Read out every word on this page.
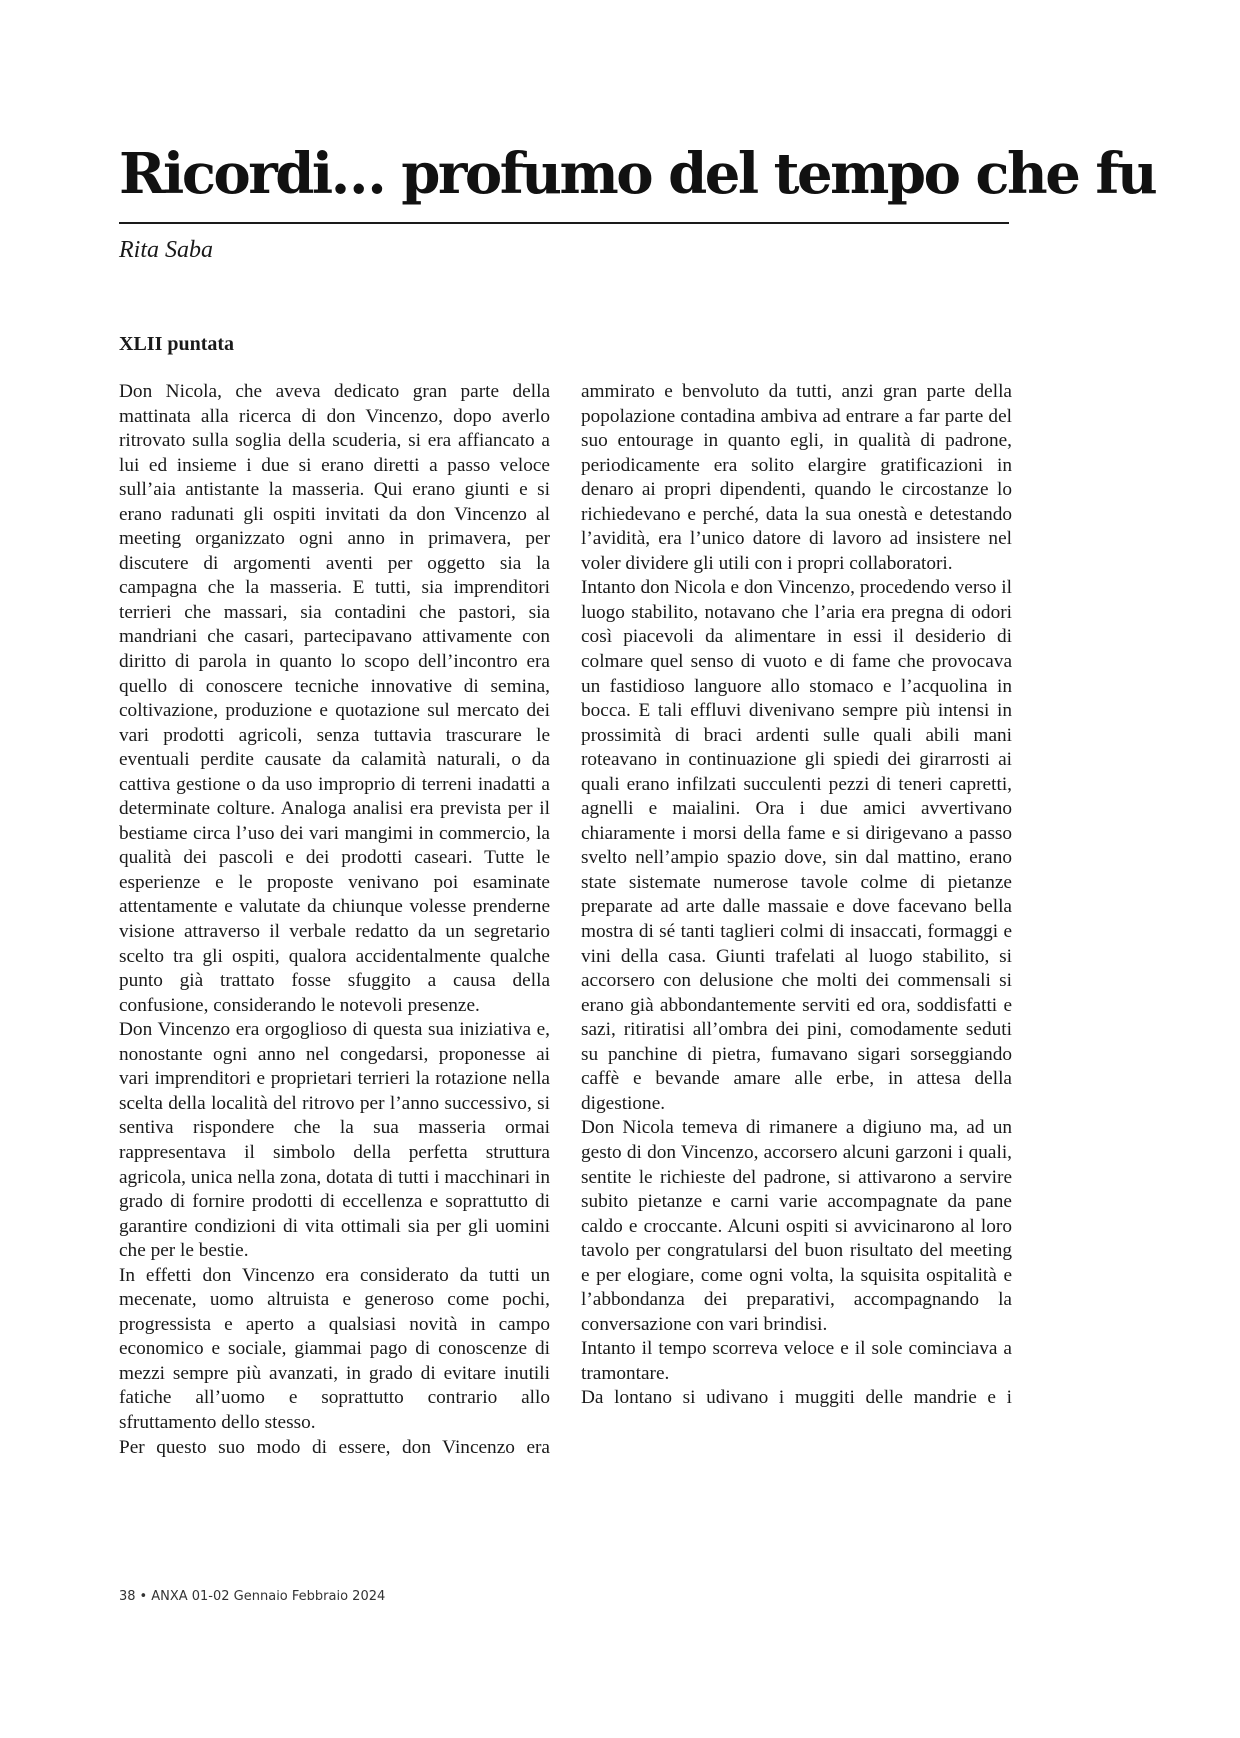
Ricordi… profumo del tempo che fu
Rita Saba
XLII puntata

Don Nicola, che aveva dedicato gran parte della mattinata alla ricerca di don Vincenzo, dopo averlo ritrovato sulla soglia della scuderia, si era affiancato a lui ed insieme i due si erano diretti a passo veloce sull’aia antistante la masseria. Qui erano giunti e si erano radunati gli ospiti invitati da don Vincenzo al meeting organizzato ogni anno in primavera, per discutere di argomenti aventi per oggetto sia la campagna che la masseria. E tutti, sia imprenditori terrieri che massari, sia contadini che pastori, sia mandriani che casari, partecipavano attivamente con diritto di parola in quanto lo scopo dell’incontro era quello di conoscere tecniche innovative di semina, coltivazione, produzione e quotazione sul mercato dei vari prodotti agricoli, senza tuttavia trascurare le eventuali perdite causate da calamità naturali, o da cattiva gestione o da uso improprio di terreni inadatti a determinate colture. Analoga analisi era prevista per il bestiame circa l’uso dei vari mangimi in commercio, la qualità dei pascoli e dei prodotti caseari. Tutte le esperienze e le proposte venivano poi esaminate attentamente e valutate da chiunque volesse prenderne visione attraverso il verbale redatto da un segretario scelto tra gli ospiti, qualora accidentalmente qualche punto già trattato fosse sfuggito a causa della confusione, considerando le notevoli presenze.

Don Vincenzo era orgoglioso di questa sua iniziativa e, nonostante ogni anno nel congedarsi, proponesse ai vari imprenditori e proprietari terrieri la rotazione nella scelta della località del ritrovo per l’anno successivo, si sentiva rispondere che la sua masseria ormai rappresentava il simbolo della perfetta struttura agricola, unica nella zona, dotata di tutti i macchinari in grado di fornire prodotti di eccellenza e soprattutto di garantire condizioni di vita ottimali sia per gli uomini che per le bestie.

In effetti don Vincenzo era considerato da tutti un mecenate, uomo altruista e generoso come pochi, progressista e aperto a qualsiasi novità in campo economico e sociale, giammai pago di conoscenze di mezzi sempre più avanzati, in grado di evitare inutili fatiche all’uomo e soprattutto contrario allo sfruttamento dello stesso.

Per questo suo modo di essere, don Vincenzo era

ammirato e benvoluto da tutti, anzi gran parte della popolazione contadina ambiva ad entrare a far parte del suo entourage in quanto egli, in qualità di padrone, periodicamente era solito elargire gratificazioni in denaro ai propri dipendenti, quando le circostanze lo richiedevano e perché, data la sua onestà e detestando l’avidità, era l’unico datore di lavoro ad insistere nel voler dividere gli utili con i propri collaboratori.

Intanto don Nicola e don Vincenzo, procedendo verso il luogo stabilito, notavano che l’aria era pregna di odori così piacevoli da alimentare in essi il desiderio di colmare quel senso di vuoto e di fame che provocava un fastidioso languore allo stomaco e l’acquolina in bocca. E tali effluvi divenivano sempre più intensi in prossimità di braci ardenti sulle quali abili mani roteavano in continuazione gli spiedi dei girarrosti ai quali erano infilzati succulenti pezzi di teneri capretti, agnelli e maialini. Ora i due amici avvertivano chiaramente i morsi della fame e si dirigevano a passo svelto nell’ampio spazio dove, sin dal mattino, erano state sistemate numerose tavole colme di pietanze preparate ad arte dalle massaie e dove facevano bella mostra di sé tanti taglieri colmi di insaccati, formaggi e vini della casa. Giunti trafelati al luogo stabilito, si accorsero con delusione che molti dei commensali si erano già abbondantemente serviti ed ora, soddisfatti e sazi, ritiratisi all’ombra dei pini, comodamente seduti su panchine di pietra, fumavano sigari sorseggiando caffè e bevande amare alle erbe, in attesa della digestione.

Don Nicola temeva di rimanere a digiuno ma, ad un gesto di don Vincenzo, accorsero alcuni garzoni i quali, sentite le richieste del padrone, si attivarono a servire subito pietanze e carni varie accompagnate da pane caldo e croccante. Alcuni ospiti si avvicinarono al loro tavolo per congratularsi del buon risultato del meeting e per elogiare, come ogni volta, la squisita ospitalità e l’abbondanza dei preparativi, accompagnando la conversazione con vari brindisi.

Intanto il tempo scorreva veloce e il sole cominciava a tramontare.

Da lontano si udivano i muggiti delle mandrie e i

38 • ANXA 01-02 Gennaio Febbraio 2024
